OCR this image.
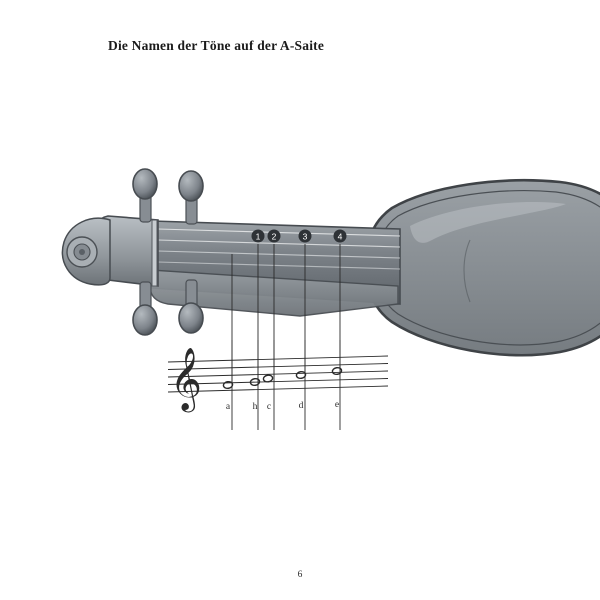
Die Namen der Töne auf der A-Saite
1 2	3	4
𝄞	a	h	c	d	e
6
